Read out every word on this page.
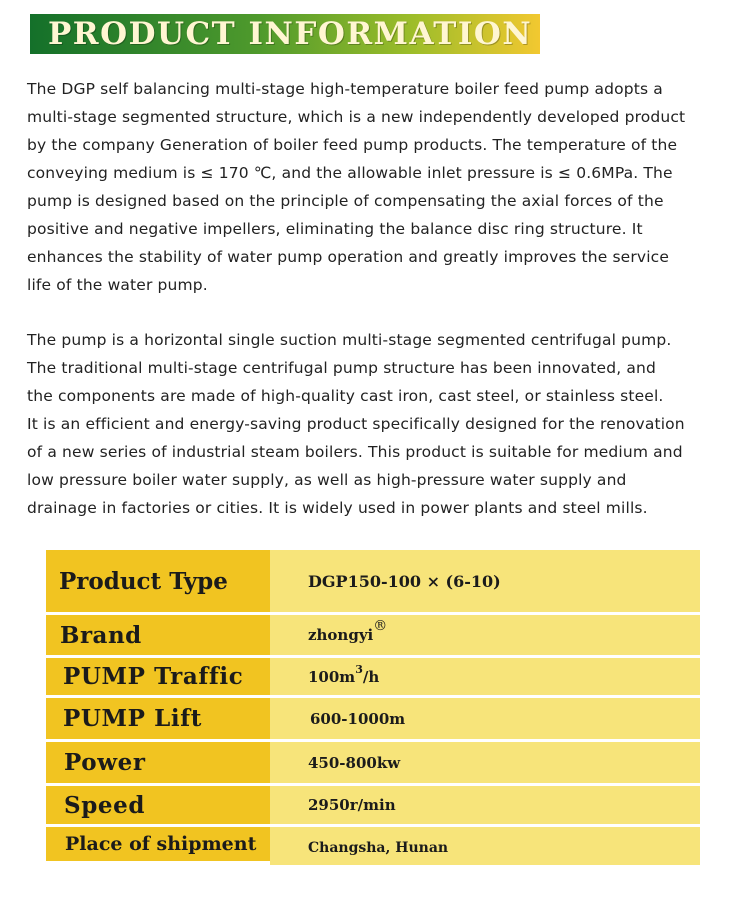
PRODUCT INFORMATION

The DGP self balancing multi-stage high-temperature boiler feed pump adopts a
multi-stage segmented structure, which is a new independently developed product
by the company Generation of boiler feed pump products. The temperature of the
conveying medium is ≤ 170 ℃, and the allowable inlet pressure is ≤ 0.6MPa. The
pump is designed based on the principle of compensating the axial forces of the
positive and negative impellers, eliminating the balance disc ring structure. It
enhances the stability of water pump operation and greatly improves the service
life of the water pump.

The pump is a horizontal single suction multi-stage segmented centrifugal pump.
The traditional multi-stage centrifugal pump structure has been innovated, and
the components are made of high-quality cast iron, cast steel, or stainless steel.
It is an efficient and energy-saving product specifically designed for the renovation
of a new series of industrial steam boilers. This product is suitable for medium and
low pressure boiler water supply, as well as high-pressure water supply and
drainage in factories or cities. It is widely used in power plants and steel mills.

Product Type	DGP150-100 × (6-10)
Brand	zhongyi ®
PUMP Traffic	100m 3 /h
PUMP Lift	600-1000m
Power	450-800kw
Speed	2950r/min
Place of shipment	Changsha, Hunan
